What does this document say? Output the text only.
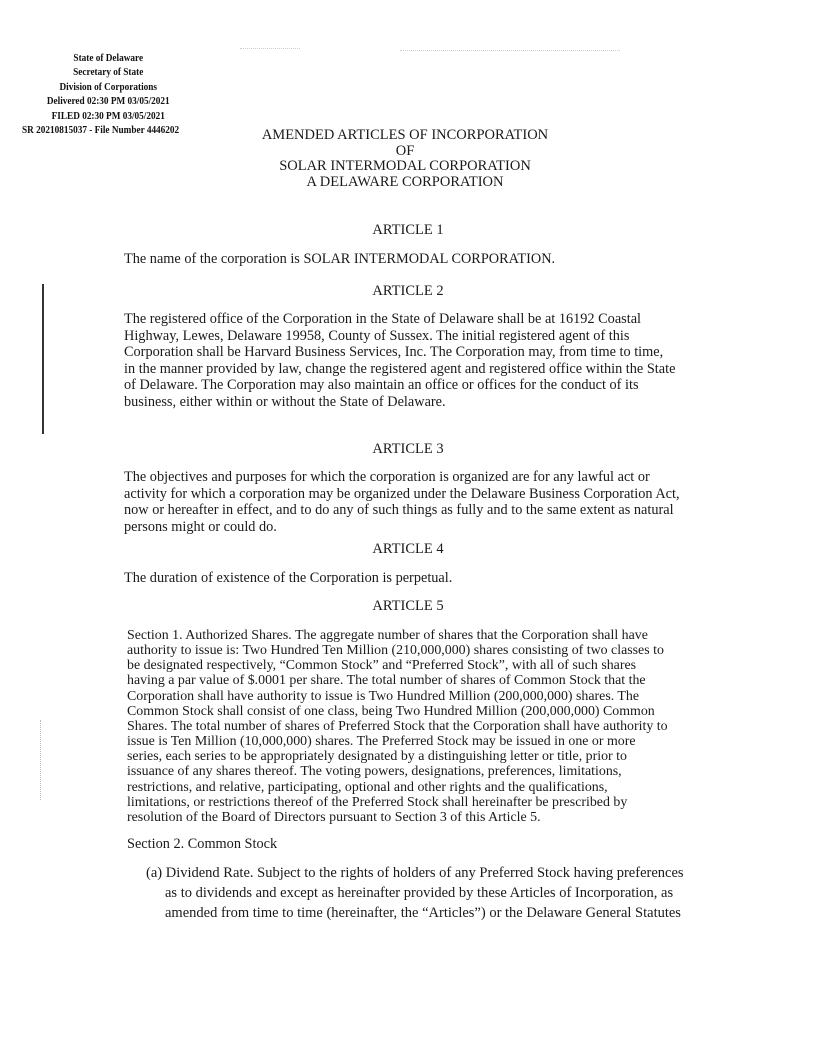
State of Delaware
Secretary of State
Division of Corporations
Delivered 02:30 PM 03/05/2021
FILED 02:30 PM 03/05/2021
SR 20210815037 - File Number 4446202	AMENDED ARTICLES OF INCORPORATION
OF
SOLAR INTERMODAL CORPORATION
A DELAWARE CORPORATION
ARTICLE 1
The name of the corporation is SOLAR INTERMODAL CORPORATION.
ARTICLE 2
The registered office of the Corporation in the State of Delaware shall be at 16192 Coastal
Highway, Lewes, Delaware 19958, County of Sussex. The initial registered agent of this
Corporation shall be Harvard Business Services, Inc. The Corporation may, from time to time,
in the manner provided by law, change the registered agent and registered office within the State
of Delaware. The Corporation may also maintain an office or offices for the conduct of its
business, either within or without the State of Delaware.
ARTICLE 3
The objectives and purposes for which the corporation is organized are for any lawful act or
activity for which a corporation may be organized under the Delaware Business Corporation Act,
now or hereafter in effect, and to do any of such things as fully and to the same extent as natural
persons might or could do.
ARTICLE 4
The duration of existence of the Corporation is perpetual.
ARTICLE 5
Section 1. Authorized Shares. The aggregate number of shares that the Corporation shall have
authority to issue is: Two Hundred Ten Million (210,000,000) shares consisting of two classes to
be designated respectively, “Common Stock” and “Preferred Stock”, with all of such shares
having a par value of $.0001 per share. The total number of shares of Common Stock that the
Corporation shall have authority to issue is Two Hundred Million (200,000,000) shares. The
Common Stock shall consist of one class, being Two Hundred Million (200,000,000) Common
Shares. The total number of shares of Preferred Stock that the Corporation shall have authority to
issue is Ten Million (10,000,000) shares. The Preferred Stock may be issued in one or more
series, each series to be appropriately designated by a distinguishing letter or title, prior to
issuance of any shares thereof. The voting powers, designations, preferences, limitations,
restrictions, and relative, participating, optional and other rights and the qualifications,
limitations, or restrictions thereof of the Preferred Stock shall hereinafter be prescribed by
resolution of the Board of Directors pursuant to Section 3 of this Article 5.
Section 2. Common Stock
(a) Dividend Rate. Subject to the rights of holders of any Preferred Stock having preferences
as to dividends and except as hereinafter provided by these Articles of Incorporation, as
amended from time to time (hereinafter, the “Articles”) or the Delaware General Statutes
